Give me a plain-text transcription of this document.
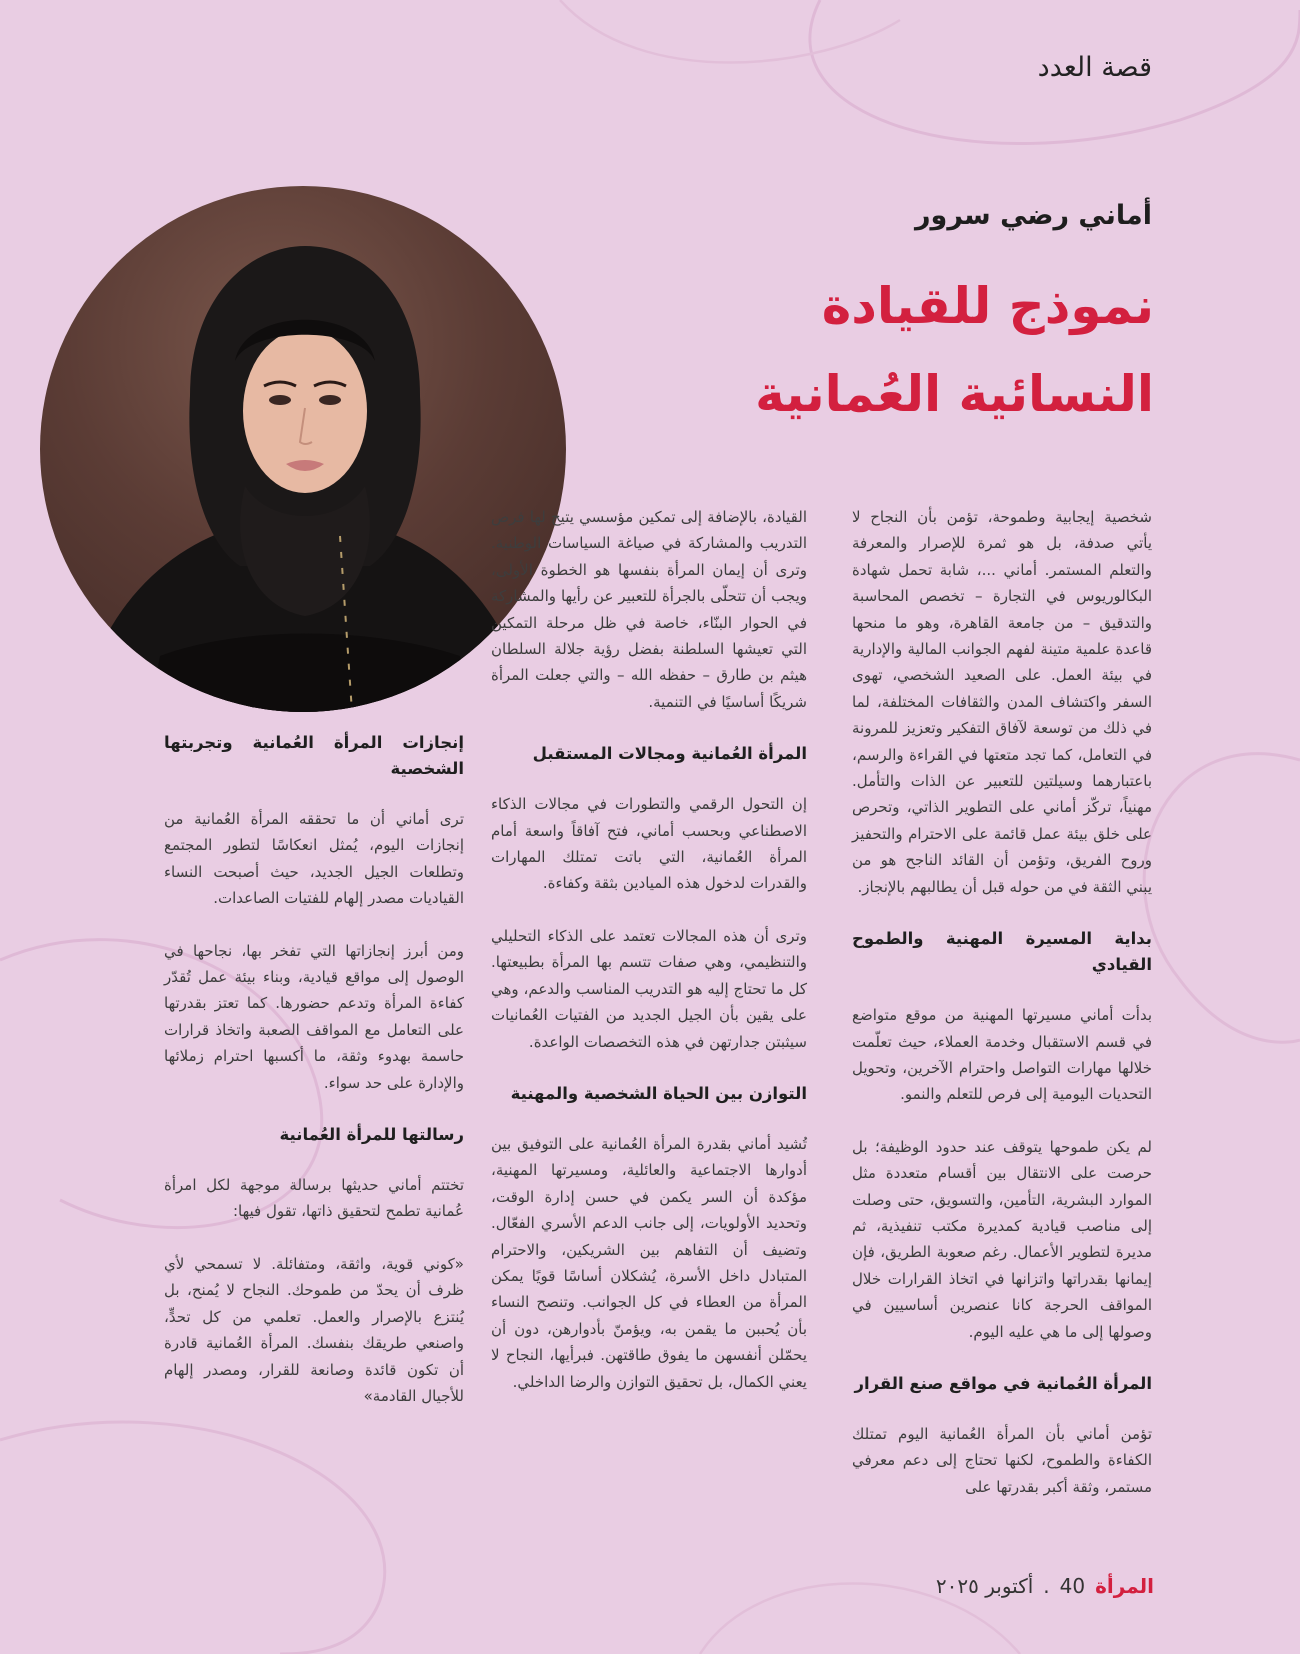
قصة العدد
أماني رضي سرور
نموذج للقيادة
النسائية العُمانية

شخصية إيجابية وطموحة، تؤمن بأن النجاح لا يأتي صدفة، بل هو ثمرة للإصرار والمعرفة والتعلم المستمر. أماني ...، شابة تحمل شهادة البكالوريوس في التجارة – تخصص المحاسبة والتدقيق – من جامعة القاهرة، وهو ما منحها قاعدة علمية متينة لفهم الجوانب المالية والإدارية في بيئة العمل. على الصعيد الشخصي، تهوى السفر واكتشاف المدن والثقافات المختلفة، لما في ذلك من توسعة لآفاق التفكير وتعزيز للمرونة في التعامل، كما تجد متعتها في القراءة والرسم، باعتبارهما وسيلتين للتعبير عن الذات والتأمل. مهنياً، تركّز أماني على التطوير الذاتي، وتحرص على خلق بيئة عمل قائمة على الاحترام والتحفيز وروح الفريق، وتؤمن أن القائد الناجح هو من يبني الثقة في من حوله قبل أن يطالبهم بالإنجاز.

بداية المسيرة المهنية والطموح القيادي

بدأت أماني مسيرتها المهنية من موقع متواضع في قسم الاستقبال وخدمة العملاء، حيث تعلّمت خلالها مهارات التواصل واحترام الآخرين، وتحويل التحديات اليومية إلى فرص للتعلم والنمو.

لم يكن طموحها يتوقف عند حدود الوظيفة؛ بل حرصت على الانتقال بين أقسام متعددة مثل الموارد البشرية، التأمين، والتسويق، حتى وصلت إلى مناصب قيادية كمديرة مكتب تنفيذية، ثم مديرة لتطوير الأعمال. رغم صعوبة الطريق، فإن إيمانها بقدراتها واتزانها في اتخاذ القرارات خلال المواقف الحرجة كانا عنصرين أساسيين في وصولها إلى ما هي عليه اليوم.

المرأة العُمانية في مواقع صنع القرار

تؤمن أماني بأن المرأة العُمانية اليوم تمتلك الكفاءة والطموح، لكنها تحتاج إلى دعم معرفي مستمر، وثقة أكبر بقدرتها على

القيادة، بالإضافة إلى تمكين مؤسسي يتيح لها فرص التدريب والمشاركة في صياغة السياسات الوطنية. وترى أن إيمان المرأة بنفسها هو الخطوة الأولى، ويجب أن تتحلّى بالجرأة للتعبير عن رأيها والمشاركة في الحوار البنّاء، خاصة في ظل مرحلة التمكين التي تعيشها السلطنة بفضل رؤية جلالة السلطان هيثم بن طارق – حفظه الله – والتي جعلت المرأة شريكًا أساسيًا في التنمية.

المرأة العُمانية ومجالات المستقبل

إن التحول الرقمي والتطورات في مجالات الذكاء الاصطناعي وبحسب أماني، فتح آفاقاً واسعة أمام المرأة العُمانية، التي باتت تمتلك المهارات والقدرات لدخول هذه الميادين بثقة وكفاءة.

وترى أن هذه المجالات تعتمد على الذكاء التحليلي والتنظيمي، وهي صفات تتسم بها المرأة بطبيعتها. كل ما تحتاج إليه هو التدريب المناسب والدعم، وهي على يقين بأن الجيل الجديد من الفتيات العُمانيات سيثبتن جدارتهن في هذه التخصصات الواعدة.

التوازن بين الحياة الشخصية والمهنية

تُشيد أماني بقدرة المرأة العُمانية على التوفيق بين أدوارها الاجتماعية والعائلية، ومسيرتها المهنية، مؤكدة أن السر يكمن في حسن إدارة الوقت، وتحديد الأولويات، إلى جانب الدعم الأسري الفعّال. وتضيف أن التفاهم بين الشريكين، والاحترام المتبادل داخل الأسرة، يُشكلان أساسًا قويًا يمكن المرأة من العطاء في كل الجوانب. وتنصح النساء بأن يُحببن ما يقمن به، ويؤمنّ بأدوارهن، دون أن يحمّلن أنفسهن ما يفوق طاقتهن. فبرأيها، النجاح لا يعني الكمال، بل تحقيق التوازن والرضا الداخلي.

إنجازات المرأة العُمانية وتجربتها الشخصية

ترى أماني أن ما تحققه المرأة العُمانية من إنجازات اليوم، يُمثل انعكاسًا لتطور المجتمع وتطلعات الجيل الجديد، حيث أصبحت النساء القياديات مصدر إلهام للفتيات الصاعدات.

ومن أبرز إنجازاتها التي تفخر بها، نجاحها في الوصول إلى مواقع قيادية، وبناء بيئة عمل تُقدّر كفاءة المرأة وتدعم حضورها. كما تعتز بقدرتها على التعامل مع المواقف الصعبة واتخاذ قرارات حاسمة بهدوء وثقة، ما أكسبها احترام زملائها والإدارة على حد سواء.

رسالتها للمرأة العُمانية

تختتم أماني حديثها برسالة موجهة لكل امرأة عُمانية تطمح لتحقيق ذاتها، تقول فيها:

«كوني قوية، واثقة، ومتفائلة. لا تسمحي لأي ظرف أن يحدّ من طموحك. النجاح لا يُمنح، بل يُنتزع بالإصرار والعمل. تعلمي من كل تحدٍّ، واصنعي طريقك بنفسك. المرأة العُمانية قادرة أن تكون قائدة وصانعة للقرار، ومصدر إلهام للأجيال القادمة»

المرأة
40
.
أكتوبر ٢٠٢٥
